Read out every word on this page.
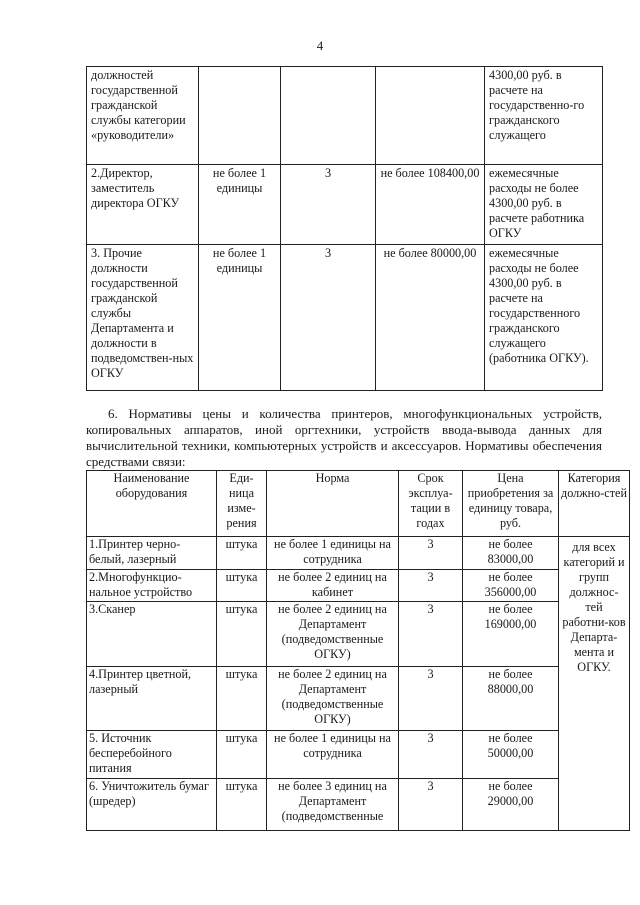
4
должностей государственной гражданской службы категории «руководители»				4300,00 руб. в расчете на государственно-го гражданского служащего
2.Директор, заместитель директора ОГКУ	не более 1 единицы	3	не более 108400,00	ежемесячные расходы не более 4300,00 руб. в расчете работника ОГКУ
3. Прочие должности государственной гражданской службы Департамента и должности в подведомствен-ных ОГКУ	не более 1 единицы	3	не более 80000,00	ежемесячные расходы не более 4300,00 руб. в расчете на государственного гражданского служащего (работника ОГКУ).

6. Нормативы цены и количества принтеров, многофункциональных устройств, копировальных аппаратов, иной оргтехники, устройств ввода-вывода данных для вычислительной техники, компьютерных устройств и аксессуаров. Нормативы обеспечения средствами связи:

Наименование оборудования	Еди-ница изме-рения	Норма	Срок эксплуа-тации в годах	Цена приобретения за единицу товара, руб.	Категория должно-стей
1.Принтер черно-белый, лазерный	штука	не более 1 единицы на сотрудника	3	не более 83000,00	для всех категорий и групп должнос-тей работни-ков Департа-мента и ОГКУ.
2.Многофункцио-нальное устройство	штука	не более 2 единиц на кабинет	3	не более 356000,00	
3.Сканер	штука	не более 2 единиц на Департамент (подведомственные ОГКУ)	3	не более 169000,00	
4.Принтер цветной, лазерный	штука	не более 2 единиц на Департамент (подведомственные ОГКУ)	3	не более 88000,00	
5. Источник бесперебойного питания	штука	не более 1 единицы на сотрудника	3	не более 50000,00	
6. Уничтожитель бумаг (шредер)	штука	не более 3 единиц на Департамент (подведомственные	3	не более 29000,00	
